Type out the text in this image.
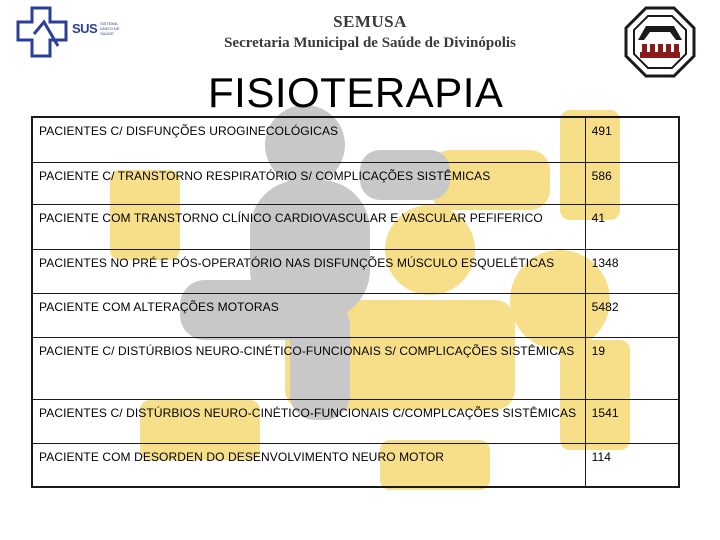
SUS SISTEMA ÚNICO DE SAÚDE
SEMUSA
Secretaria Municipal de Saúde de Divinópolis
FISIOTERAPIA
PACIENTES C/ DISFUNÇÕES UROGINECOLÓGICAS	491
PACIENTE C/ TRANSTORNO RESPIRATÓRIO S/ COMPLICAÇÕES SISTÊMICAS	586
PACIENTE COM TRANSTORNO CLÍNICO CARDIOVASCULAR E VASCULAR PEFIFERICO	41
PACIENTES NO PRÉ E PÓS-OPERATÓRIO NAS DISFUNÇÕES MÚSCULO ESQUELÉTICAS	1348
PACIENTE COM ALTERAÇÕES MOTORAS	5482
PACIENTE C/ DISTÚRBIOS NEURO-CINÉTICO-FUNCIONAIS S/ COMPLICAÇÕES SISTÊMICAS	19
PACIENTES C/ DISTÚRBIOS NEURO-CINÉTICO-FUNCIONAIS C/COMPLCAÇÕES SISTÊMICAS	1541
PACIENTE COM DESORDEN DO DESENVOLVIMENTO NEURO MOTOR	114
